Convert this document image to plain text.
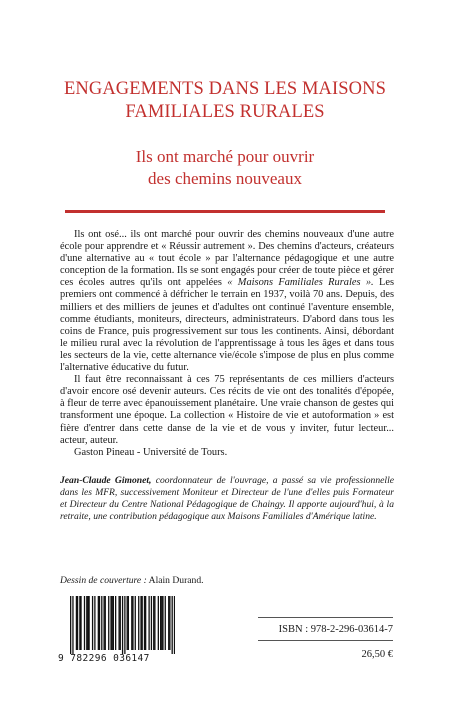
ENGAGEMENTS DANS LES MAISONS
FAMILIALES RURALES
Ils ont marché pour ouvrir
des chemins nouveaux

Ils ont osé... ils ont marché pour ouvrir des chemins nouveaux d'une autre école pour apprendre et « Réussir autrement ». Des chemins d'acteurs, créateurs d'une alternative au « tout école » par l'alternance pédagogique et une autre conception de la formation. Ils se sont engagés pour créer de toute pièce et gérer ces écoles autres qu'ils ont appelées « Maisons Familiales Rurales ». Les premiers ont commencé à défricher le terrain en 1937, voilà 70 ans. Depuis, des milliers et des milliers de jeunes et d'adultes ont continué l'aventure ensemble, comme étudiants, moniteurs, directeurs, administrateurs. D'abord dans tous les coins de France, puis progressivement sur tous les continents. Ainsi, débordant le milieu rural avec la révolution de l'apprentissage à tous les âges et dans tous les secteurs de la vie, cette alternance vie/école s'impose de plus en plus comme l'alternative éducative du futur.

Il faut être reconnaissant à ces 75 représentants de ces milliers d'acteurs d'avoir encore osé devenir auteurs. Ces récits de vie ont des tonalités d'épopée, à fleur de terre avec épanouissement planétaire. Une vraie chanson de gestes qui transforment une époque. La collection « Histoire de vie et autoformation » est fière d'entrer dans cette danse de la vie et de vous y inviter, futur lecteur... acteur, auteur.

Gaston Pineau - Université de Tours.

Jean-Claude Gimonet, coordonnateur de l'ouvrage, a passé sa vie professionnelle dans les MFR, successivement Moniteur et Directeur de l'une d'elles puis Formateur et Directeur du Centre National Pédagogique de Chaingy. Il apporte aujourd'hui, à la retraite, une contribution pédagogique aux Maisons Familiales d'Amérique latine.
Dessin de couverture : Alain Durand.
9 782296 036147
ISBN : 978-2-296-03614-7
26,50 €
